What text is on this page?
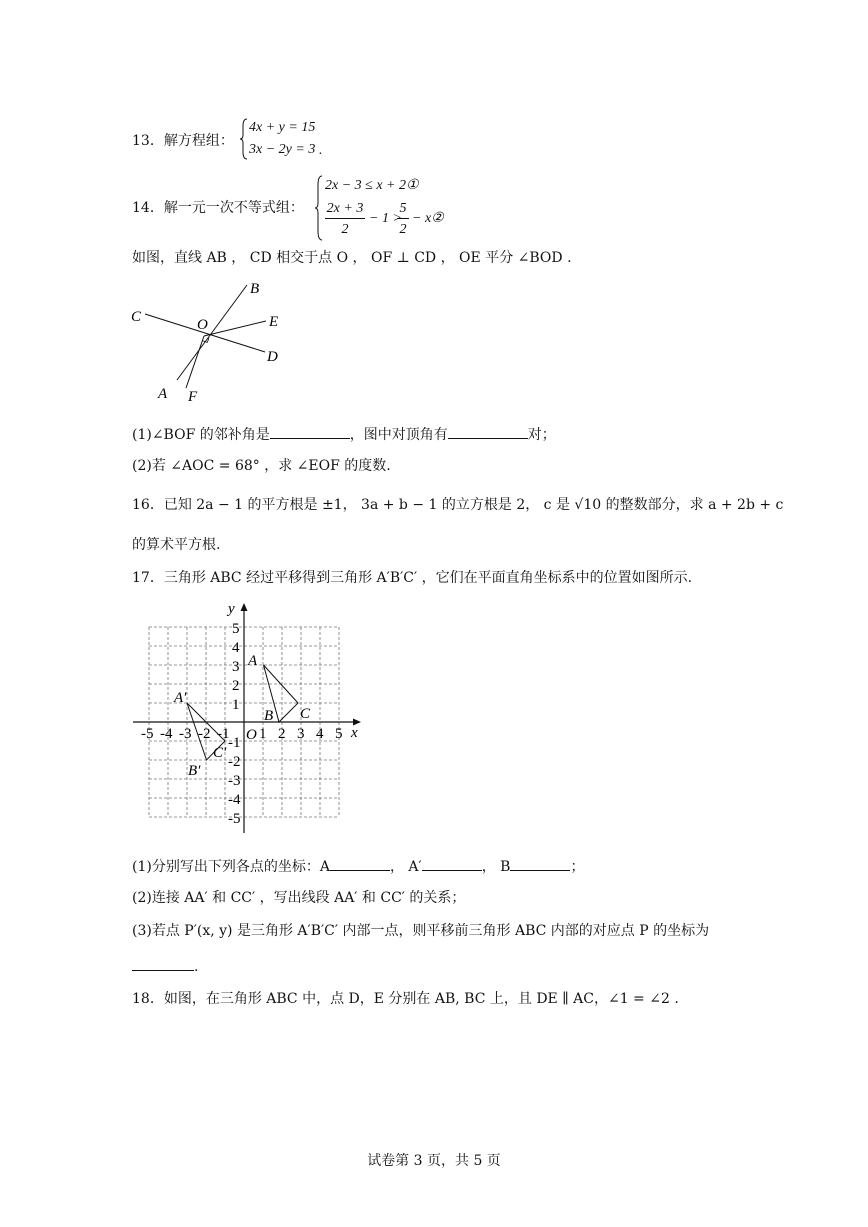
13．解方程组：
4x + y = 15
3x − 2y = 3 .
14．解一元一次不等式组：
2x − 3 ≤ x + 2①
2x + 3
2
− 1 >
5
2
− x②
如图，直线 AB ， CD 相交于点 O ， OF ⊥ CD ， OE 平分 ∠BOD .
C	O
B
E
D
A F
(1)∠BOF 的邻补角是	，图中对顶角有	对；
(2)若 ∠AOC = 68° ，求 ∠EOF 的度数.
16．已知 2a − 1 的平方根是 ±1， 3a + b − 1 的立方根是 2， c 是 √10 的整数部分，求 a + 2b + c
的算术平方根.
17．三角形 ABC 经过平移得到三角形 A′B′C′ ，它们在平面直角坐标系中的位置如图所示.
x
y
O
-5 -4 -3 -2 -1 1 2 3 4 5
5
4
3
2
1
-1
-2
-3
-4
-5
A
B C
A′
B′
C′
(1)分别写出下列各点的坐标：A	， A′	， B	；
(2)连接 AA′ 和 CC′ ，写出线段 AA′ 和 CC′ 的关系；
(3)若点 P′(x, y) 是三角形 A′B′C′ 内部一点，则平移前三角形 ABC 内部的对应点 P 的坐标为
.
18．如图，在三角形 ABC 中，点 D，E 分别在 AB, BC 上，且 DE ∥ AC，∠1 = ∠2 .
试卷第 3 页，共 5 页
